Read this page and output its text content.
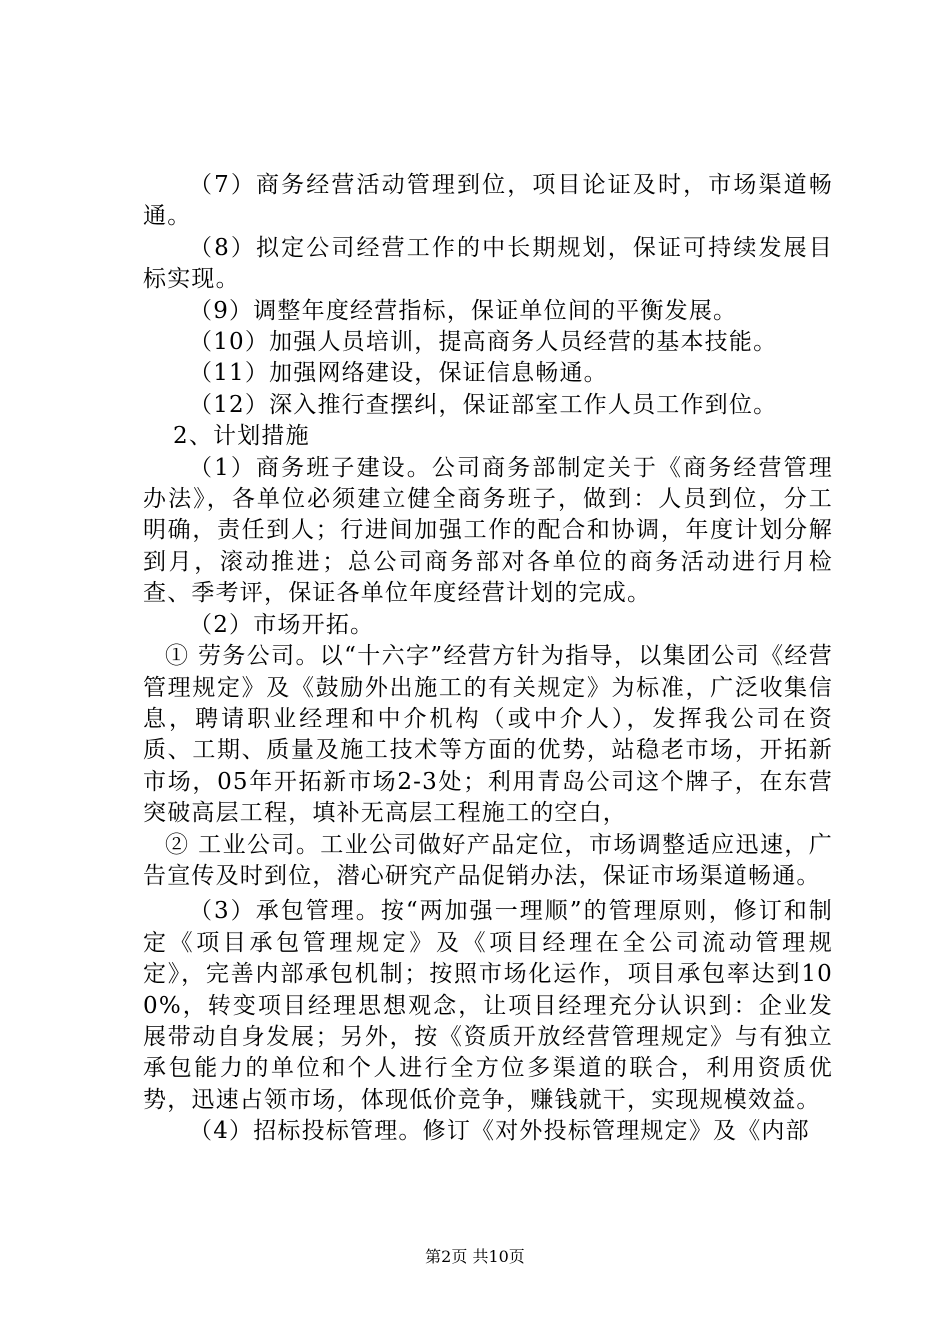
（7）商务经营活动管理到位，项目论证及时，市场渠道畅通。

（8）拟定公司经营工作的中长期规划，保证可持续发展目标实现。

（9）调整年度经营指标，保证单位间的平衡发展。

（10）加强人员培训，提高商务人员经营的基本技能。

（11）加强网络建设，保证信息畅通。

（12）深入推行查摆纠，保证部室工作人员工作到位。

2、计划措施

（1）商务班子建设。公司商务部制定关于《商务经营管理办法》，各单位必须建立健全商务班子，做到：人员到位，分工明确，责任到人；行进间加强工作的配合和协调，年度计划分解到月，滚动推进；总公司商务部对各单位的商务活动进行月检查、季考评，保证各单位年度经营计划的完成。

（2）市场开拓。

① 劳务公司。以“十六字”经营方针为指导，以集团公司《经营管理规定》及《鼓励外出施工的有关规定》为标准，广泛收集信息，聘请职业经理和中介机构（或中介人），发挥我公司在资质、工期、质量及施工技术等方面的优势，站稳老市场，开拓新市场，05年开拓新市场2-3处；利用青岛公司这个牌子，在东营突破高层工程，填补无高层工程施工的空白，

② 工业公司。工业公司做好产品定位，市场调整适应迅速，广告宣传及时到位，潜心研究产品促销办法，保证市场渠道畅通。

（3）承包管理。按“两加强一理顺”的管理原则，修订和制定《项目承包管理规定》及《项目经理在全公司流动管理规定》，完善内部承包机制；按照市场化运作，项目承包率达到100%，转变项目经理思想观念，让项目经理充分认识到：企业发展带动自身发展；另外，按《资质开放经营管理规定》与有独立承包能力的单位和个人进行全方位多渠道的联合，利用资质优势，迅速占领市场，体现低价竞争，赚钱就干，实现规模效益。

（4）招标投标管理。修订《对外投标管理规定》及《内部

第2页 共10页
